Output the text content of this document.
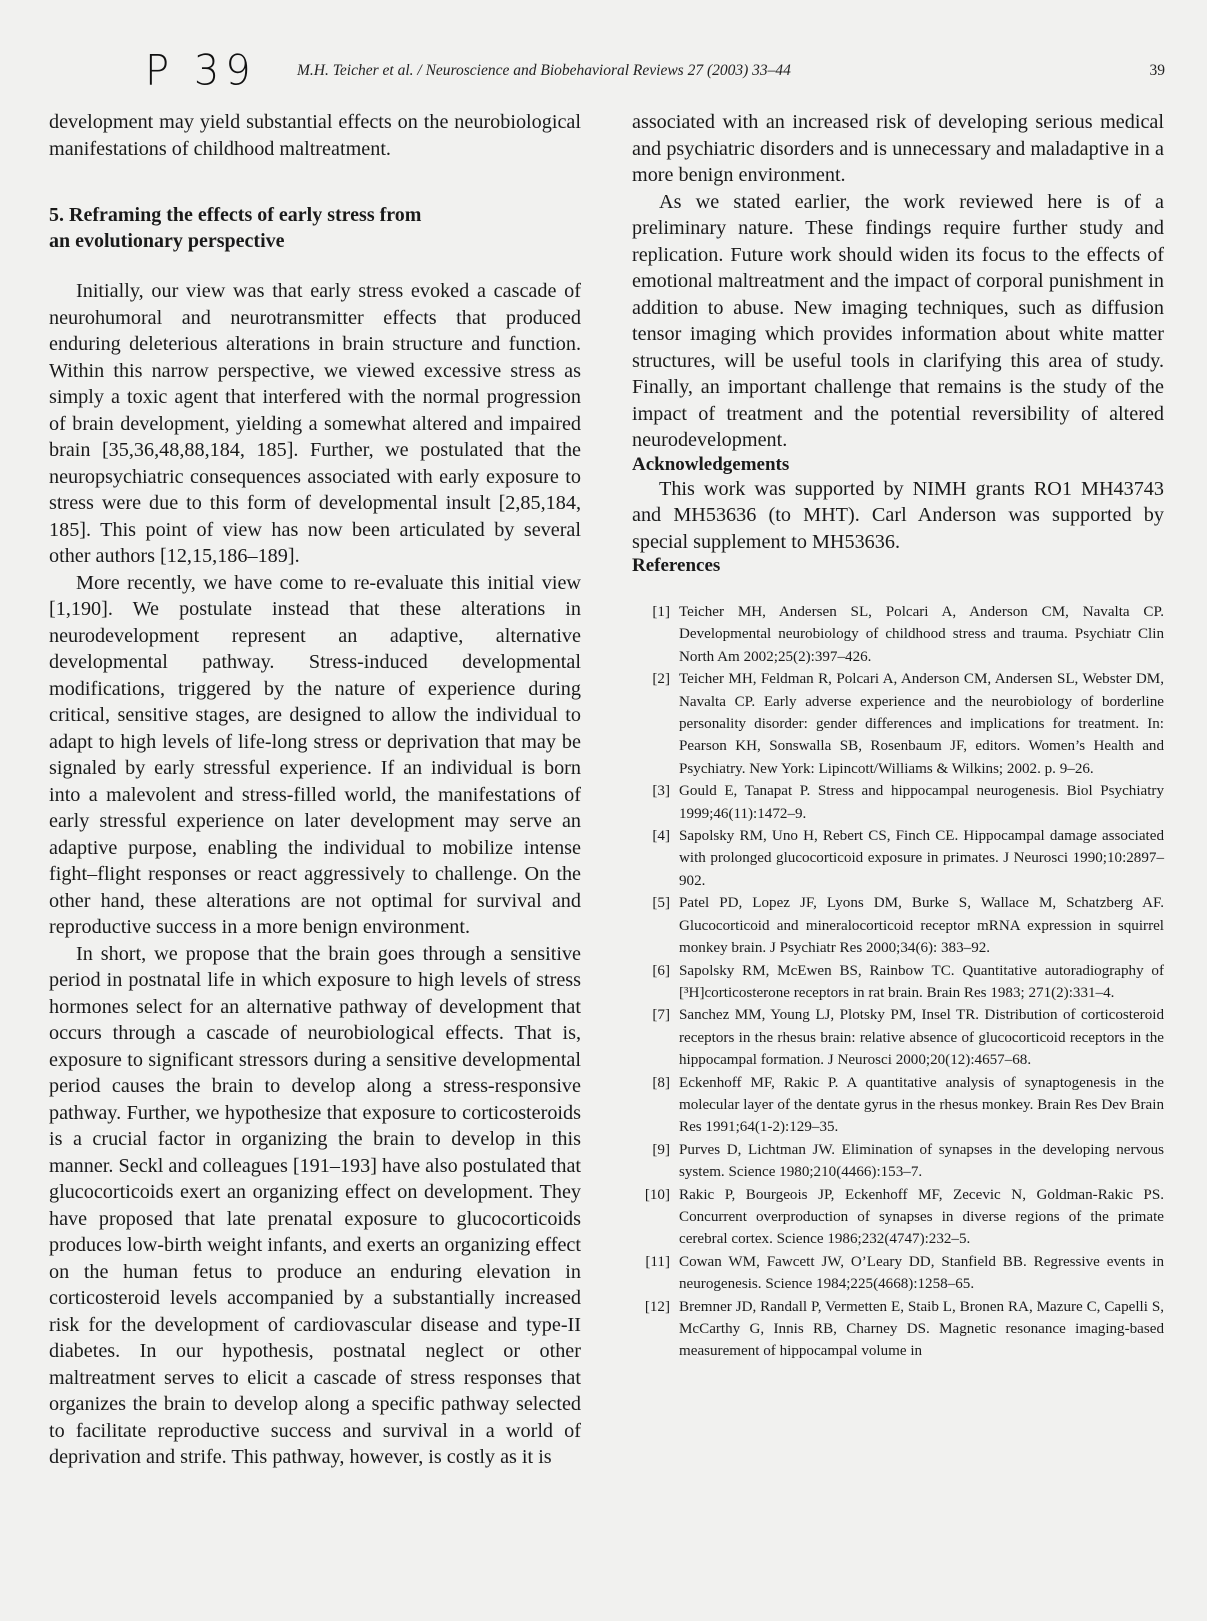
P 39	M.H. Teicher et al. / Neuroscience and Biobehavioral Reviews 27 (2003) 33–44	39

development may yield substantial effects on the neurobiological manifestations of childhood maltreatment.

5. Reframing the effects of early stress from
an evolutionary perspective

Initially, our view was that early stress evoked a cascade of neurohumoral and neurotransmitter effects that produced enduring deleterious alterations in brain structure and function. Within this narrow perspective, we viewed excessive stress as simply a toxic agent that interfered with the normal progression of brain development, yielding a somewhat altered and impaired brain [35,36,48,88,184, 185]. Further, we postulated that the neuropsychiatric consequences associated with early exposure to stress were due to this form of developmental insult [2,85,184, 185]. This point of view has now been articulated by several other authors [12,15,186–189].

More recently, we have come to re-evaluate this initial view [1,190]. We postulate instead that these alterations in neurodevelopment represent an adaptive, alternative developmental pathway. Stress-induced developmental modifications, triggered by the nature of experience during critical, sensitive stages, are designed to allow the individual to adapt to high levels of life-long stress or deprivation that may be signaled by early stressful experience. If an individual is born into a malevolent and stress-filled world, the manifestations of early stressful experience on later development may serve an adaptive purpose, enabling the individual to mobilize intense fight–flight responses or react aggressively to challenge. On the other hand, these alterations are not optimal for survival and reproductive success in a more benign environment.

In short, we propose that the brain goes through a sensitive period in postnatal life in which exposure to high levels of stress hormones select for an alternative pathway of development that occurs through a cascade of neurobiological effects. That is, exposure to significant stressors during a sensitive developmental period causes the brain to develop along a stress-responsive pathway. Further, we hypothesize that exposure to corticosteroids is a crucial factor in organizing the brain to develop in this manner. Seckl and colleagues [191–193] have also postulated that glucocorticoids exert an organizing effect on development. They have proposed that late prenatal exposure to glucocorticoids produces low-birth weight infants, and exerts an organizing effect on the human fetus to produce an enduring elevation in corticosteroid levels accompanied by a substantially increased risk for the development of cardiovascular disease and type-II diabetes. In our hypothesis, postnatal neglect or other maltreatment serves to elicit a cascade of stress responses that organizes the brain to develop along a specific pathway selected to facilitate reproductive success and survival in a world of deprivation and strife. This pathway, however, is costly as it is

associated with an increased risk of developing serious medical and psychiatric disorders and is unnecessary and maladaptive in a more benign environment.

As we stated earlier, the work reviewed here is of a preliminary nature. These findings require further study and replication. Future work should widen its focus to the effects of emotional maltreatment and the impact of corporal punishment in addition to abuse. New imaging techniques, such as diffusion tensor imaging which provides information about white matter structures, will be useful tools in clarifying this area of study. Finally, an important challenge that remains is the study of the impact of treatment and the potential reversibility of altered neurodevelopment.

Acknowledgements

This work was supported by NIMH grants RO1 MH43743 and MH53636 (to MHT). Carl Anderson was supported by special supplement to MH53636.

References
[1] Teicher MH, Andersen SL, Polcari A, Anderson CM, Navalta CP. Developmental neurobiology of childhood stress and trauma. Psychiatr Clin North Am 2002;25(2):397–426.
[2] Teicher MH, Feldman R, Polcari A, Anderson CM, Andersen SL, Webster DM, Navalta CP. Early adverse experience and the neurobiology of borderline personality disorder: gender differences and implications for treatment. In: Pearson KH, Sonswalla SB, Rosenbaum JF, editors. Women’s Health and Psychiatry. New York: Lipincott/Williams & Wilkins; 2002. p. 9–26.
[3] Gould E, Tanapat P. Stress and hippocampal neurogenesis. Biol Psychiatry 1999;46(11):1472–9.
[4] Sapolsky RM, Uno H, Rebert CS, Finch CE. Hippocampal damage associated with prolonged glucocorticoid exposure in primates. J Neurosci 1990;10:2897–902.
[5] Patel PD, Lopez JF, Lyons DM, Burke S, Wallace M, Schatzberg AF. Glucocorticoid and mineralocorticoid receptor mRNA expression in squirrel monkey brain. J Psychiatr Res 2000;34(6): 383–92.
[6] Sapolsky RM, McEwen BS, Rainbow TC. Quantitative autoradiography of [³H]corticosterone receptors in rat brain. Brain Res 1983; 271(2):331–4.
[7] Sanchez MM, Young LJ, Plotsky PM, Insel TR. Distribution of corticosteroid receptors in the rhesus brain: relative absence of glucocorticoid receptors in the hippocampal formation. J Neurosci 2000;20(12):4657–68.
[8] Eckenhoff MF, Rakic P. A quantitative analysis of synaptogenesis in the molecular layer of the dentate gyrus in the rhesus monkey. Brain Res Dev Brain Res 1991;64(1-2):129–35.
[9] Purves D, Lichtman JW. Elimination of synapses in the developing nervous system. Science 1980;210(4466):153–7.
[10] Rakic P, Bourgeois JP, Eckenhoff MF, Zecevic N, Goldman-Rakic PS. Concurrent overproduction of synapses in diverse regions of the primate cerebral cortex. Science 1986;232(4747):232–5.
[11] Cowan WM, Fawcett JW, O’Leary DD, Stanfield BB. Regressive events in neurogenesis. Science 1984;225(4668):1258–65.
[12] Bremner JD, Randall P, Vermetten E, Staib L, Bronen RA, Mazure C, Capelli S, McCarthy G, Innis RB, Charney DS. Magnetic resonance imaging-based measurement of hippocampal volume in
